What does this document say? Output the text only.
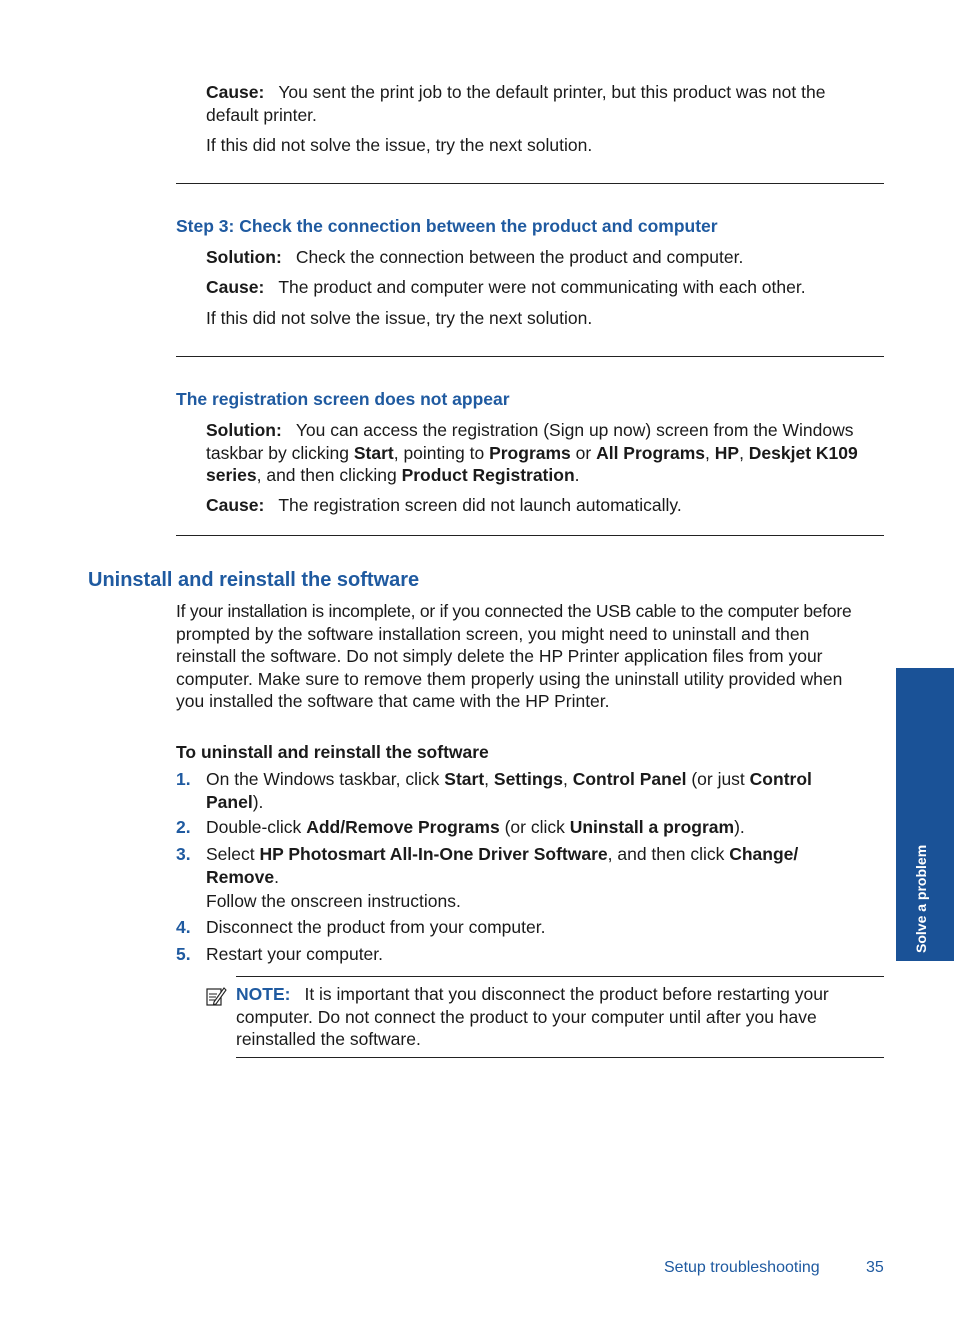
Cause: You sent the print job to the default printer, but this product was not the
default printer.
If this did not solve the issue, try the next solution.
Step 3: Check the connection between the product and computer
Solution: Check the connection between the product and computer.
Cause: The product and computer were not communicating with each other.
If this did not solve the issue, try the next solution.
The registration screen does not appear
Solution: You can access the registration (Sign up now) screen from the Windows
taskbar by clicking Start, pointing to Programs or All Programs, HP, Deskjet K109
series, and then clicking Product Registration.
Cause: The registration screen did not launch automatically.
Uninstall and reinstall the software
If your installation is incomplete, or if you connected the USB cable to the computer before
prompted by the software installation screen, you might need to uninstall and then
reinstall the software. Do not simply delete the HP Printer application files from your
computer. Make sure to remove them properly using the uninstall utility provided when
you installed the software that came with the HP Printer.
To uninstall and reinstall the software
1. On the Windows taskbar, click Start, Settings, Control Panel (or just Control
Panel).
2. Double-click Add/Remove Programs (or click Uninstall a program).
3. Select HP Photosmart All-In-One Driver Software, and then click Change/
Remove.
Follow the onscreen instructions.
4. Disconnect the product from your computer.
5. Restart your computer.
NOTE: It is important that you disconnect the product before restarting your
computer. Do not connect the product to your computer until after you have
reinstalled the software.
Solve a problem
Setup troubleshooting	35
